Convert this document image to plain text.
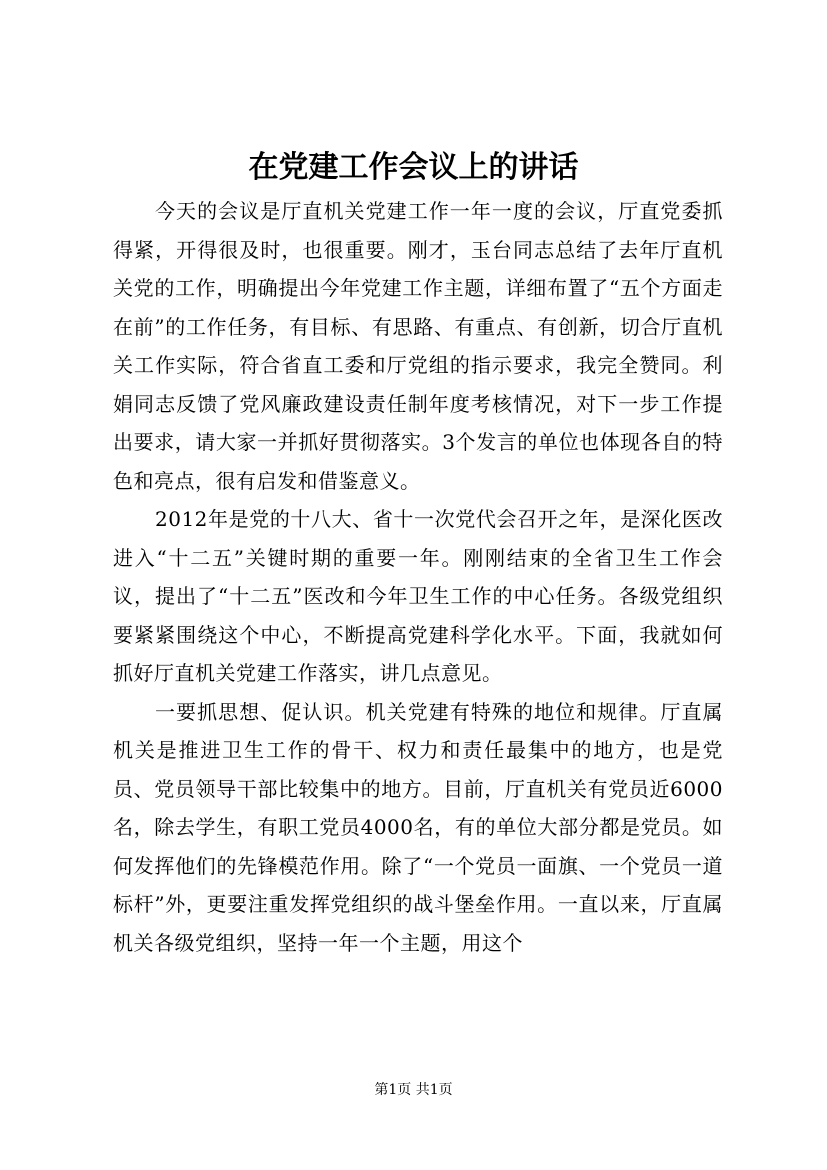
在党建工作会议上的讲话

今天的会议是厅直机关党建工作一年一度的会议，厅直党委抓得紧，开得很及时，也很重要。刚才，玉台同志总结了去年厅直机关党的工作，明确提出今年党建工作主题，详细布置了“五个方面走在前”的工作任务，有目标、有思路、有重点、有创新，切合厅直机关工作实际，符合省直工委和厅党组的指示要求，我完全赞同。利娟同志反馈了党风廉政建设责任制年度考核情况，对下一步工作提出要求，请大家一并抓好贯彻落实。3个发言的单位也体现各自的特色和亮点，很有启发和借鉴意义。

2012年是党的十八大、省十一次党代会召开之年，是深化医改进入“十二五”关键时期的重要一年。刚刚结束的全省卫生工作会议，提出了“十二五”医改和今年卫生工作的中心任务。各级党组织要紧紧围绕这个中心，不断提高党建科学化水平。下面，我就如何抓好厅直机关党建工作落实，讲几点意见。

一要抓思想、促认识。机关党建有特殊的地位和规律。厅直属机关是推进卫生工作的骨干、权力和责任最集中的地方，也是党员、党员领导干部比较集中的地方。目前，厅直机关有党员近6000名，除去学生，有职工党员4000名，有的单位大部分都是党员。如何发挥他们的先锋模范作用。除了“一个党员一面旗、一个党员一道标杆”外，更要注重发挥党组织的战斗堡垒作用。一直以来，厅直属机关各级党组织，坚持一年一个主题，用这个

第1页 共1页
